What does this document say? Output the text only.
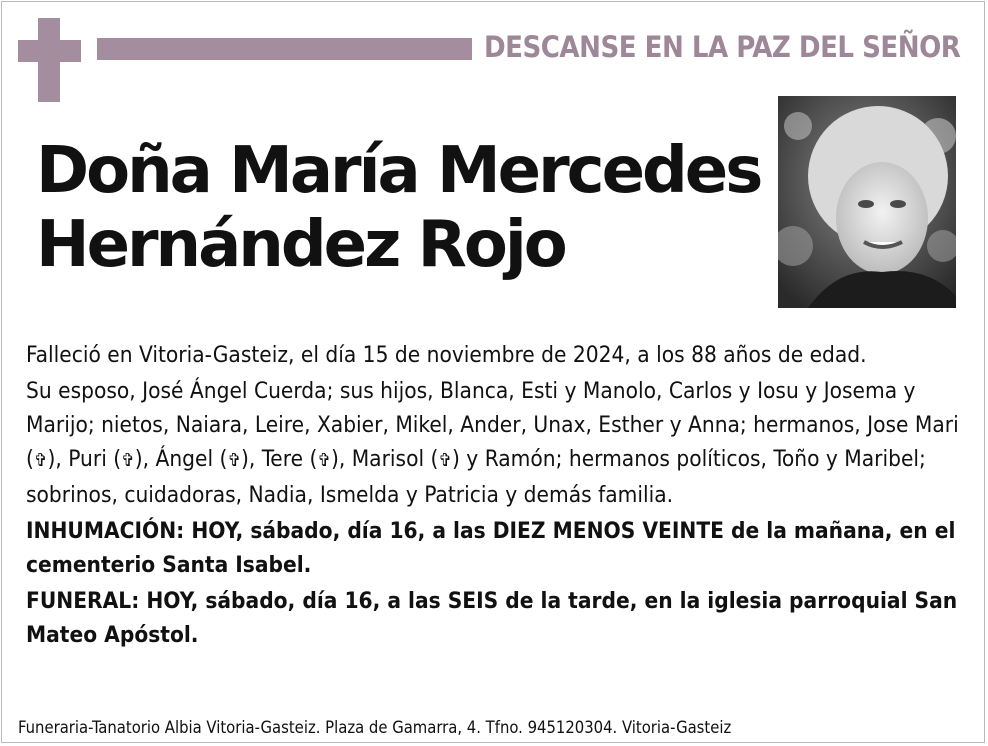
DESCANSE EN LA PAZ DEL SEÑOR
Doña María Mercedes
Hernández Rojo

Falleció en Vitoria-Gasteiz, el día 15 de noviembre de 2024, a los 88 años de edad.

Su esposo, José Ángel Cuerda; sus hijos, Blanca, Esti y Manolo, Carlos y Iosu y Josema y Marijo; nietos, Naiara, Leire, Xabier, Mikel, Ander, Unax, Esther y Anna; hermanos, Jose Mari (✞), Puri (✞), Ángel (✞), Tere (✞), Marisol (✞) y Ramón; hermanos políticos, Toño y Maribel; sobrinos, cuidadoras, Nadia, Ismelda y Patricia y demás familia.

INHUMACIÓN: HOY, sábado, día 16, a las DIEZ MENOS VEINTE de la mañana, en el cementerio Santa Isabel.

FUNERAL: HOY, sábado, día 16, a las SEIS de la tarde, en la iglesia parroquial San Mateo Apóstol.

Funeraria-Tanatorio Albia Vitoria-Gasteiz. Plaza de Gamarra, 4. Tfno. 945120304. Vitoria-Gasteiz
